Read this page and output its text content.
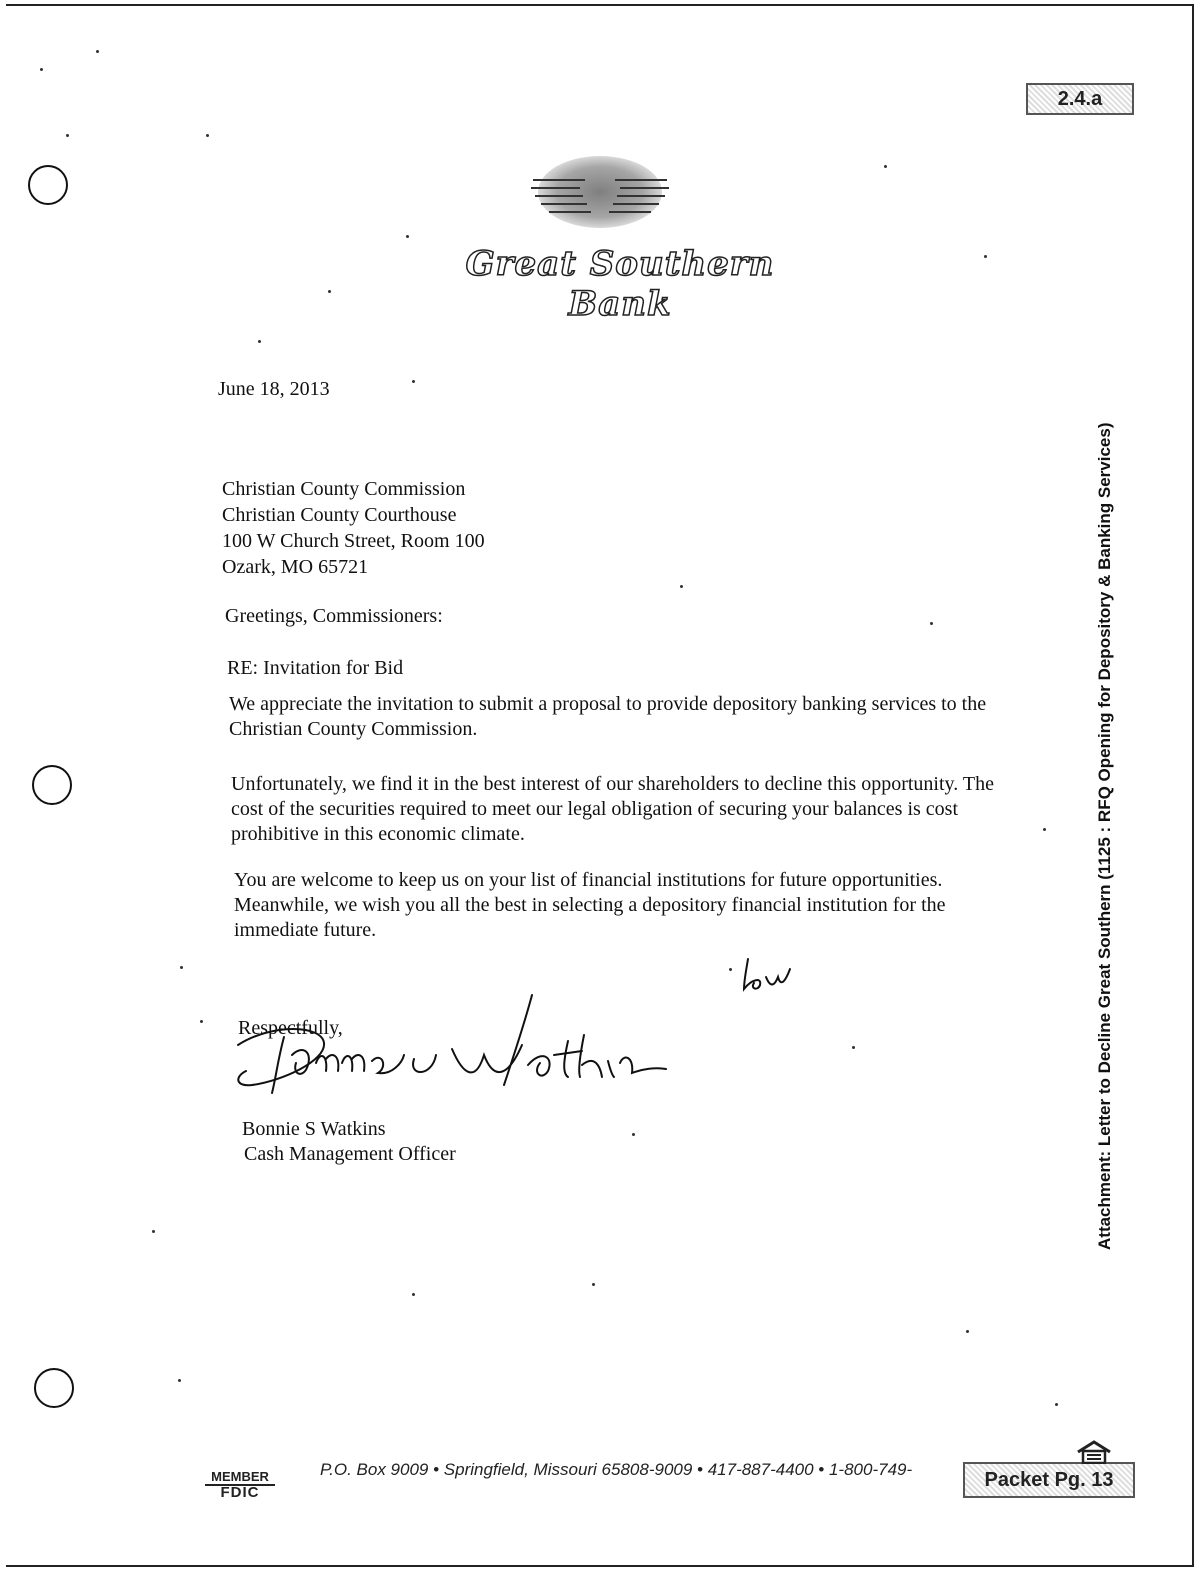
2.4.a
Packet Pg. 13
Great Southern Bank
June 18, 2013
Christian County Commission
Christian County Courthouse
100 W Church Street, Room 100
Ozark, MO 65721
Greetings, Commissioners:
RE: Invitation for Bid
We appreciate the invitation to submit a proposal to provide depository banking services to the Christian County Commission.
Unfortunately, we find it in the best interest of our shareholders to decline this opportunity. The cost of the securities required to meet our legal obligation of securing your balances is cost prohibitive in this economic climate.
You are welcome to keep us on your list of financial institutions for future opportunities. Meanwhile, we wish you all the best in selecting a depository financial institution for the immediate future.
Respectfully,
Bonnie S Watkins
Cash Management Officer	Attachment: Letter to Decline Great Southern (1125 : RFQ Opening for Depository & Banking Services)
MEMBER
FDIC
P.O. Box 9009 • Springfield, Missouri 65808-9009 • 417-887-4400 • 1-800-749-
